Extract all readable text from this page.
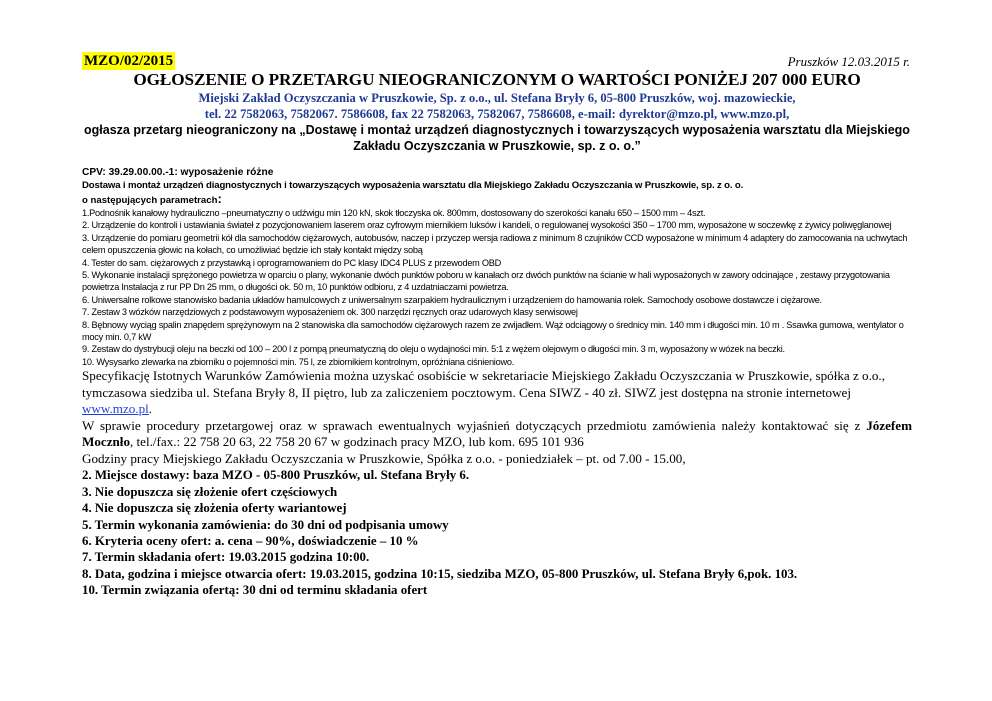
MZO/02/2015	Pruszków 12.03.2015 r.
OGŁOSZENIE O PRZETARGU NIEOGRANICZONYM O WARTOŚCI PONIŻEJ 207 000 EURO
Miejski Zakład Oczyszczania w Pruszkowie, Sp. z o.o., ul. Stefana Bryły 6, 05-800 Pruszków, woj. mazowieckie,
tel. 22 7582063, 7582067. 7586608, fax 22 7582063, 7582067, 7586608, e-mail: dyrektor@mzo.pl, www.mzo.pl,
ogłasza przetarg nieograniczony na „Dostawę i montaż urządzeń diagnostycznych i towarzyszących wyposażenia warsztatu dla Miejskiego Zakładu Oczyszczania w Pruszkowie, sp. z o. o.”
CPV: 39.29.00.00.-1: wyposażenie różne
Dostawa i montaż urządzeń diagnostycznych i towarzyszących wyposażenia warsztatu dla Miejskiego Zakładu Oczyszczania w Pruszkowie, sp. z o. o.
o następujących parametrach:
1.Podnośnik kanałowy hydrauliczno –pneumatyczny o udźwigu min 120 kN, skok tłoczyska ok. 800mm, dostosowany do szerokości kanału 650 – 1500 mm – 4szt.
2. Urządzenie do kontroli i ustawiania świateł z pozycjonowaniem laserem oraz cyfrowym miernikiem luksów i kandeli, o regulowanej wysokości 350 – 1700 mm, wyposażone w soczewkę z żywicy poliwęglanowej
3. Urządzenie do pomiaru geometrii kół dla samochodów ciężarowych, autobusów, naczep i przyczep wersja radiowa z minimum 8 czujników CCD wyposażone w minimum 4 adaptery do zamocowania na uchwytach celem opuszczenia głowic na kołach, co umożliwiać będzie ich stały kontakt między sobą
4. Tester do sam. ciężarowych z przystawką i oprogramowaniem do PC klasy IDC4 PLUS z przewodem OBD
5. Wykonanie instalacji sprężonego powietrza w oparciu o plany, wykonanie dwóch punktów poboru w kanałach orz dwóch punktów na ścianie w hali wyposażonych w zawory odcinające , zestawy przygotowania powietrza Instalacja z rur PP Dn 25 mm, o długości ok. 50 m, 10 punktów odbioru, z 4 uzdatniaczami powietrza.
6. Uniwersalne rolkowe stanowisko badania układów hamulcowych z uniwersalnym szarpakiem hydraulicznym i urządzeniem do hamowania rolek. Samochody osobowe dostawcze i ciężarowe.
7. Zestaw 3 wózków narzędziowych z podstawowym wyposażeniem ok. 300 narzędzi ręcznych oraz udarowych klasy serwisowej
8. Bębnowy wyciąg spalin znapędem sprężynowym na 2 stanowiska dla samochodów ciężarowych razem ze zwijadłem. Wąż odciągowy o średnicy min. 140 mm i długości min. 10 m . Ssawka gumowa, wentylator o mocy min. 0,7 kW
9. Zestaw do dystrybucji oleju na beczki od 100 – 200 l z pompą pneumatyczną do oleju o wydajności min. 5:1 z wężem olejowym o długości min. 3 m, wyposażony w wózek na beczki.
10. Wysysarko zlewarka na zbiorniku o pojemności min. 75 l, ze zbiornikiem kontrolnym, opróżniana ciśnieniowo.
Specyfikację Istotnych Warunków Zamówienia można uzyskać osobiście w sekretariacie Miejskiego Zakładu Oczyszczania w Pruszkowie, spółka z o.o., tymczasowa siedziba ul. Stefana Bryły 8, II piętro, lub za zaliczeniem pocztowym. Cena SIWZ - 40 zł. SIWZ jest dostępna na stronie internetowej www.mzo.pl.
W sprawie procedury przetargowej oraz w sprawach ewentualnych wyjaśnień dotyczących przedmiotu zamówienia należy kontaktować się z Józefem Mocznło, tel./fax.: 22 758 20 63, 22 758 20 67 w godzinach pracy MZO, lub kom. 695 101 936
Godziny pracy Miejskiego Zakładu Oczyszczania w Pruszkowie, Spółka z o.o. - poniedziałek – pt. od 7.00 - 15.00,
2. Miejsce dostawy: baza MZO - 05-800 Pruszków, ul. Stefana Bryły 6.
3. Nie dopuszcza się złożenie ofert częściowych
4. Nie dopuszcza się złożenia oferty wariantowej
5. Termin wykonania zamówienia: do 30 dni od podpisania umowy
6. Kryteria oceny ofert: a. cena – 90%, doświadczenie – 10 %
7. Termin składania ofert: 19.03.2015 godzina 10:00.
8. Data, godzina i miejsce otwarcia ofert: 19.03.2015, godzina 10:15, siedziba MZO, 05-800 Pruszków, ul. Stefana Bryły 6,pok. 103.
10. Termin związania ofertą: 30 dni od terminu składania ofert
